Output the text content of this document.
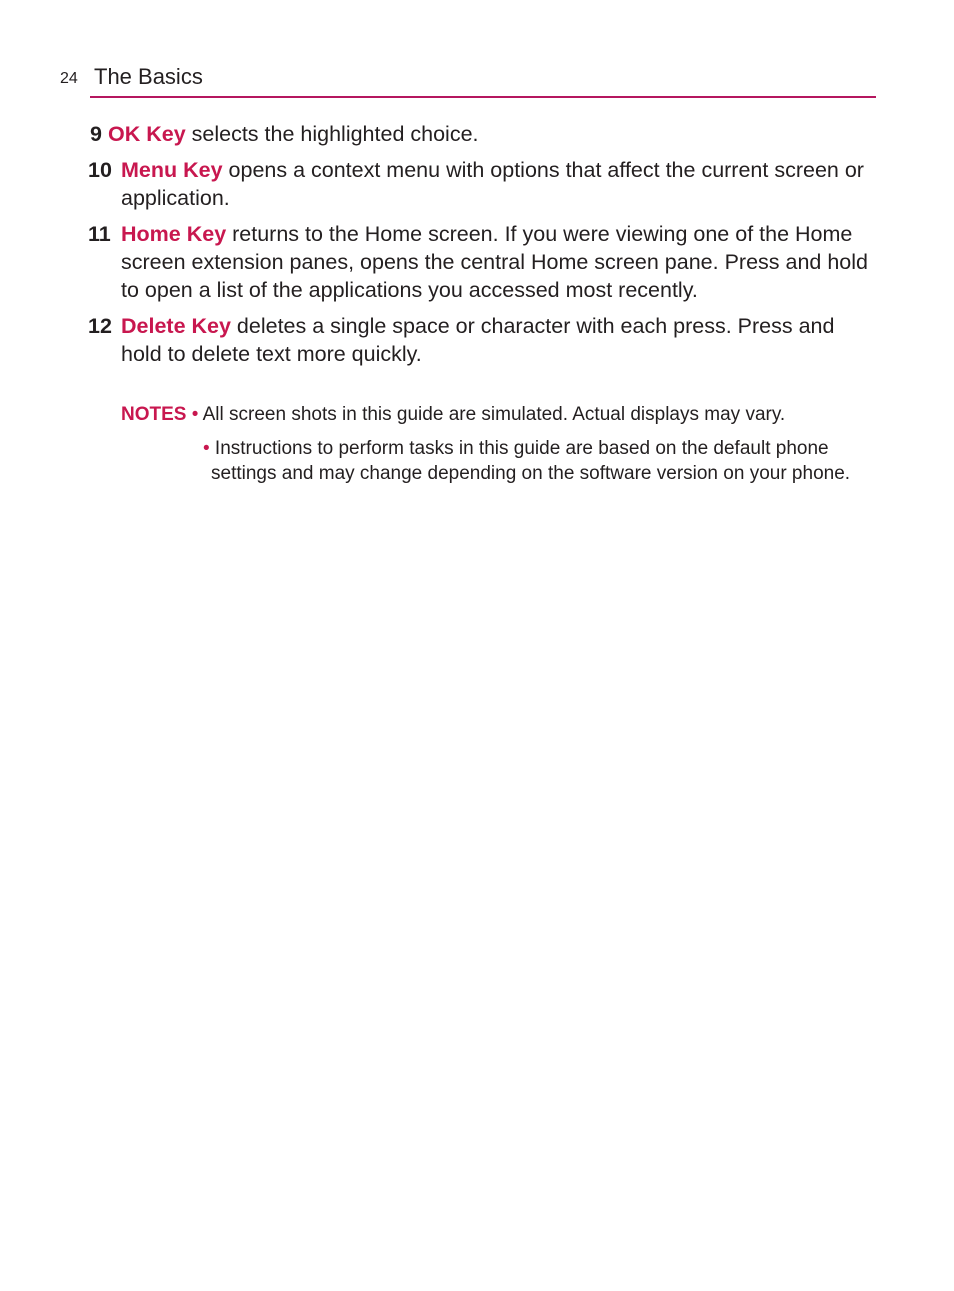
24 The Basics
9 OK Key selects the highlighted choice.
10 Menu Key opens a context menu with options that affect the current screen or application.
11 Home Key returns to the Home screen. If you were viewing one of the Home screen extension panes, opens the central Home screen pane. Press and hold to open a list of the applications you accessed most recently.
12 Delete Key deletes a single space or character with each press. Press and hold to delete text more quickly.
NOTES • All screen shots in this guide are simulated. Actual displays may vary.
• Instructions to perform tasks in this guide are based on the default phone settings and may change depending on the software version on your phone.
